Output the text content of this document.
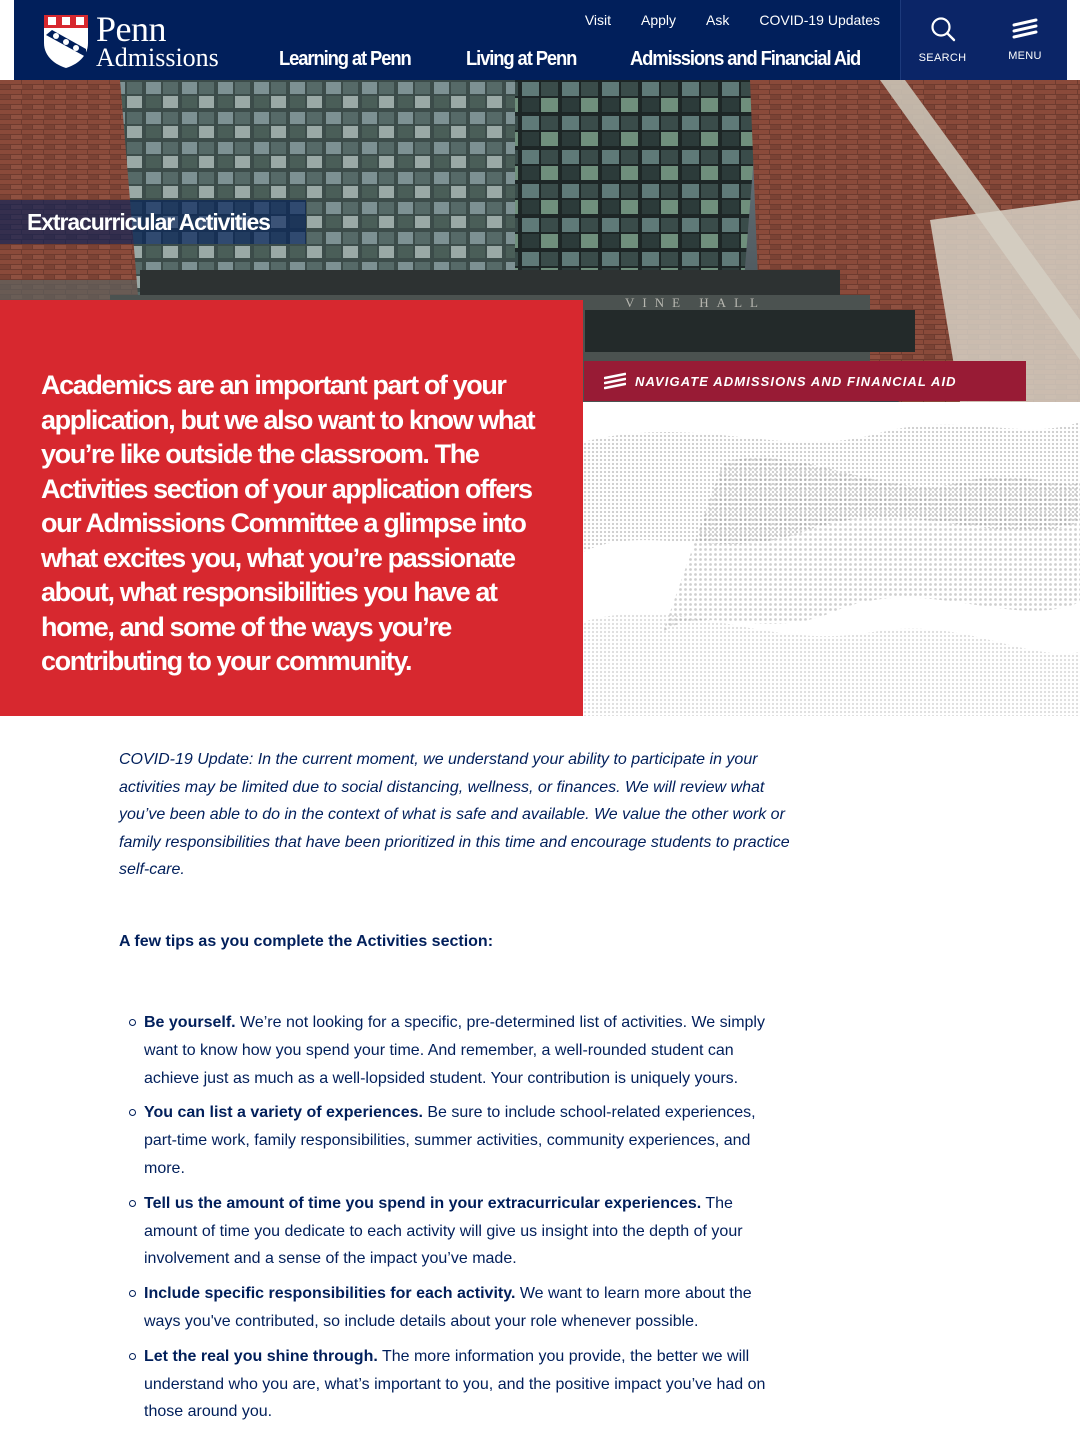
Penn
Admissions
Visit Apply Ask COVID-19 Updates
Learning at Penn	Living at Penn	Admissions and Financial Aid	SEARCH	MENU
VINE HALL
Extracurricular Activities

Academics are an important part of your application, but we also want to know what you’re like outside the classroom. The Activities section of your application offers our Admissions Committee a glimpse into what excites you, what you’re passionate about, what responsibilities you have at home, and some of the ways you’re contributing to your community.

NAVIGATE ADMISSIONS AND FINANCIAL AID

COVID-19 Update: In the current moment, we understand your ability to participate in your activities may be limited due to social distancing, wellness, or finances. We will review what you’ve been able to do in the context of what is safe and available. We value the other work or family responsibilities that have been prioritized in this time and encourage students to practice self-care.

A few tips as you complete the Activities section:
Be yourself. We’re not looking for a specific, pre-determined list of activities. We simply want to know how you spend your time. And remember, a well-rounded student can achieve just as much as a well-lopsided student. Your contribution is uniquely yours.
You can list a variety of experiences. Be sure to include school-related experiences, part-time work, family responsibilities, summer activities, community experiences, and more.
Tell us the amount of time you spend in your extracurricular experiences. The amount of time you dedicate to each activity will give us insight into the depth of your involvement and a sense of the impact you’ve made.
Include specific responsibilities for each activity. We want to learn more about the ways you've contributed, so include details about your role whenever possible.
Let the real you shine through. The more information you provide, the better we will understand who you are, what’s important to you, and the positive impact you’ve had on those around you.
